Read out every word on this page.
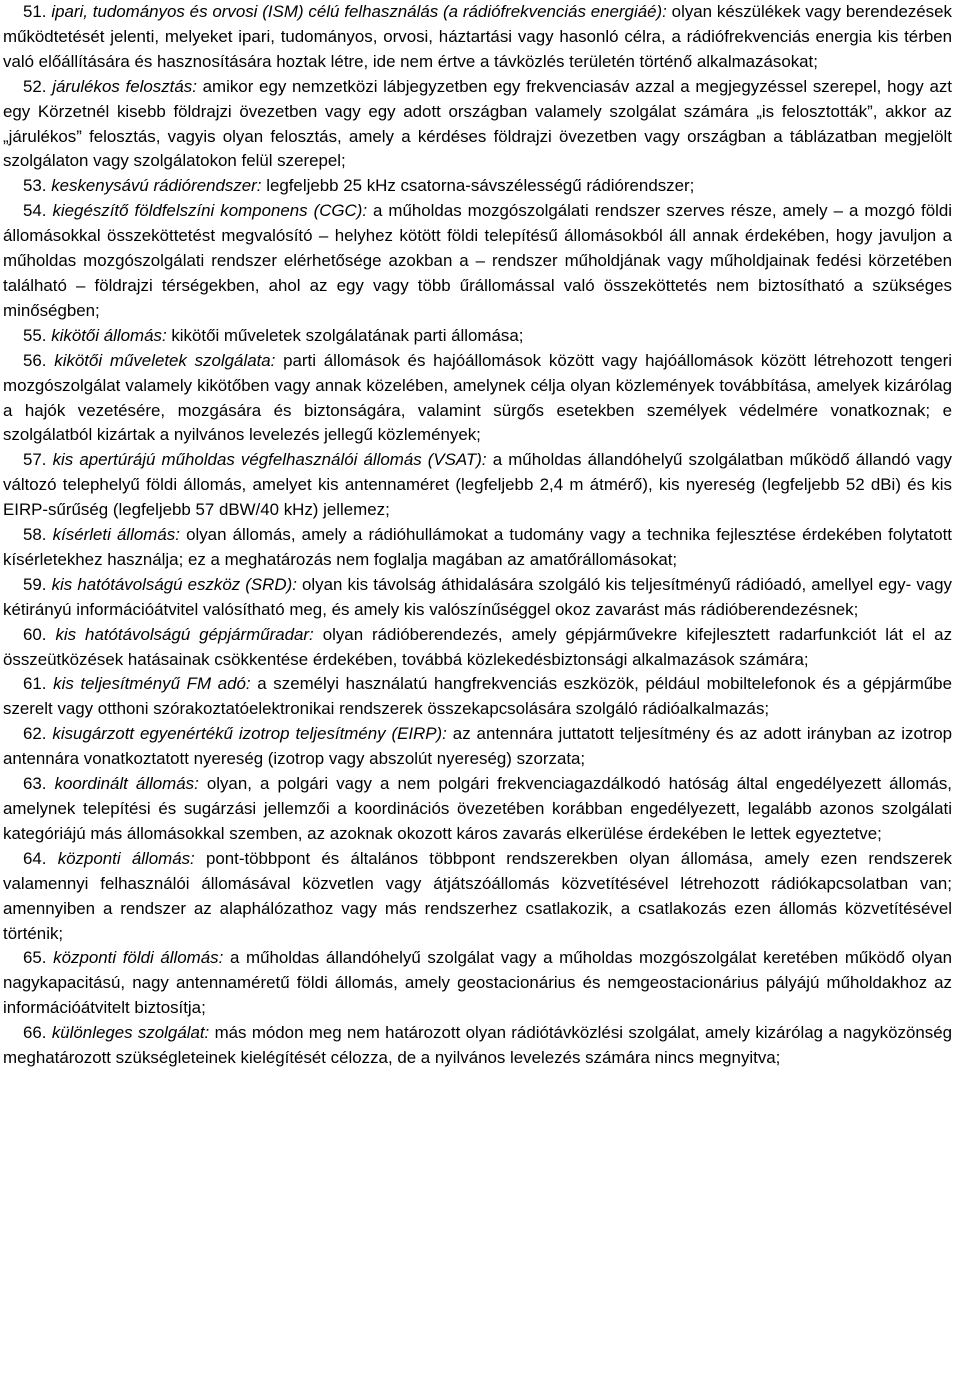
51. ipari, tudományos és orvosi (ISM) célú felhasználás (a rádiófrekvenciás energiáé): olyan készülékek vagy berendezések működtetését jelenti, melyeket ipari, tudományos, orvosi, háztartási vagy hasonló célra, a rádiófrekvenciás energia kis térben való előállítására és hasznosítására hoztak létre, ide nem értve a távközlés területén történő alkalmazásokat;

52. járulékos felosztás: amikor egy nemzetközi lábjegyzetben egy frekvenciasáv azzal a megjegyzéssel szerepel, hogy azt egy Körzetnél kisebb földrajzi övezetben vagy egy adott országban valamely szolgálat számára „is felosztották”, akkor az „járulékos” felosztás, vagyis olyan felosztás, amely a kérdéses földrajzi övezetben vagy országban a táblázatban megjelölt szolgálaton vagy szolgálatokon felül szerepel;

53. keskenysávú rádiórendszer: legfeljebb 25 kHz csatorna-sávszélességű rádiórendszer;

54. kiegészítő földfelszíni komponens (CGC): a műholdas mozgószolgálati rendszer szerves része, amely – a mozgó földi állomásokkal összeköttetést megvalósító – helyhez kötött földi telepítésű állomásokból áll annak érdekében, hogy javuljon a műholdas mozgószolgálati rendszer elérhetősége azokban a – rendszer műholdjának vagy műholdjainak fedési körzetében található – földrajzi térségekben, ahol az egy vagy több űrállomással való összeköttetés nem biztosítható a szükséges minőségben;

55. kikötői állomás: kikötői műveletek szolgálatának parti állomása;

56. kikötői műveletek szolgálata: parti állomások és hajóállomások között vagy hajóállomások között létrehozott tengeri mozgószolgálat valamely kikötőben vagy annak közelében, amelynek célja olyan közlemények továbbítása, amelyek kizárólag a hajók vezetésére, mozgására és biztonságára, valamint sürgős esetekben személyek védelmére vonatkoznak; e szolgálatból kizártak a nyilvános levelezés jellegű közlemények;

57. kis apertúrájú műholdas végfelhasználói állomás (VSAT): a műholdas állandóhelyű szolgálatban működő állandó vagy változó telephelyű földi állomás, amelyet kis antennaméret (legfeljebb 2,4 m átmérő), kis nyereség (legfeljebb 52 dBi) és kis EIRP-sűrűség (legfeljebb 57 dBW/40 kHz) jellemez;

58. kísérleti állomás: olyan állomás, amely a rádióhullámokat a tudomány vagy a technika fejlesztése érdekében folytatott kísérletekhez használja; ez a meghatározás nem foglalja magában az amatőrállomásokat;

59. kis hatótávolságú eszköz (SRD): olyan kis távolság áthidalására szolgáló kis teljesítményű rádióadó, amellyel egy- vagy kétirányú információátvitel valósítható meg, és amely kis valószínűséggel okoz zavarást más rádióberendezésnek;

60. kis hatótávolságú gépjárműradar: olyan rádióberendezés, amely gépjárművekre kifejlesztett radarfunkciót lát el az összeütközések hatásainak csökkentése érdekében, továbbá közlekedésbiztonsági alkalmazások számára;

61. kis teljesítményű FM adó: a személyi használatú hangfrekvenciás eszközök, például mobiltelefonok és a gépjárműbe szerelt vagy otthoni szórakoztatóelektronikai rendszerek összekapcsolására szolgáló rádióalkalmazás;

62. kisugárzott egyenértékű izotrop teljesítmény (EIRP): az antennára juttatott teljesítmény és az adott irányban az izotrop antennára vonatkoztatott nyereség (izotrop vagy abszolút nyereség) szorzata;

63. koordinált állomás: olyan, a polgári vagy a nem polgári frekvenciagazdálkodó hatóság által engedélyezett állomás, amelynek telepítési és sugárzási jellemzői a koordinációs övezetében korábban engedélyezett, legalább azonos szolgálati kategóriájú más állomásokkal szemben, az azoknak okozott káros zavarás elkerülése érdekében le lettek egyeztetve;

64. központi állomás: pont-többpont és általános többpont rendszerekben olyan állomása, amely ezen rendszerek valamennyi felhasználói állomásával közvetlen vagy átjátszóállomás közvetítésével létrehozott rádiókapcsolatban van; amennyiben a rendszer az alaphálózathoz vagy más rendszerhez csatlakozik, a csatlakozás ezen állomás közvetítésével történik;

65. központi földi állomás: a műholdas állandóhelyű szolgálat vagy a műholdas mozgószolgálat keretében működő olyan nagykapacitású, nagy antennaméretű földi állomás, amely geostacionárius és nemgeostacionárius pályájú műholdakhoz az információátvitelt biztosítja;

66. különleges szolgálat: más módon meg nem határozott olyan rádiótávközlési szolgálat, amely kizárólag a nagyközönség meghatározott szükségleteinek kielégítését célozza, de a nyilvános levelezés számára nincs megnyitva;
